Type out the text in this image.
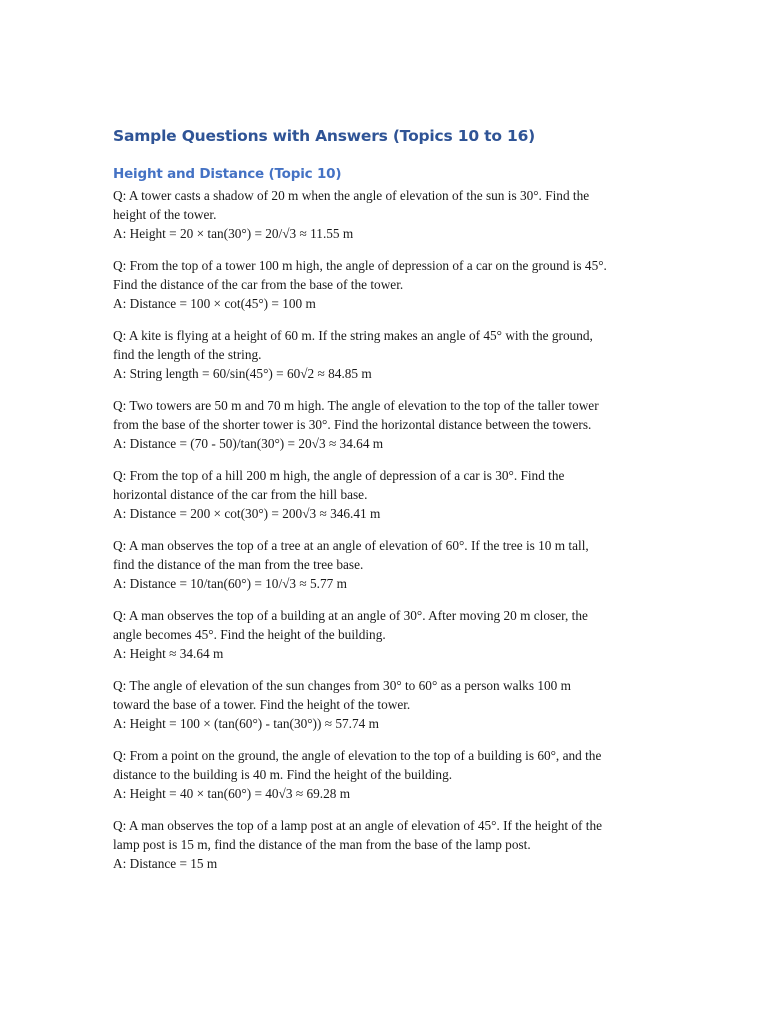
Sample Questions with Answers (Topics 10 to 16)
Height and Distance (Topic 10)
Q: A tower casts a shadow of 20 m when the angle of elevation of the sun is 30°. Find the
height of the tower.
A: Height = 20 × tan(30°) = 20/√3 ≈ 11.55 m
Q: From the top of a tower 100 m high, the angle of depression of a car on the ground is 45°.
Find the distance of the car from the base of the tower.
A: Distance = 100 × cot(45°) = 100 m
Q: A kite is flying at a height of 60 m. If the string makes an angle of 45° with the ground,
find the length of the string.
A: String length = 60/sin(45°) = 60√2 ≈ 84.85 m
Q: Two towers are 50 m and 70 m high. The angle of elevation to the top of the taller tower
from the base of the shorter tower is 30°. Find the horizontal distance between the towers.
A: Distance = (70 - 50)/tan(30°) = 20√3 ≈ 34.64 m
Q: From the top of a hill 200 m high, the angle of depression of a car is 30°. Find the
horizontal distance of the car from the hill base.
A: Distance = 200 × cot(30°) = 200√3 ≈ 346.41 m
Q: A man observes the top of a tree at an angle of elevation of 60°. If the tree is 10 m tall,
find the distance of the man from the tree base.
A: Distance = 10/tan(60°) = 10/√3 ≈ 5.77 m
Q: A man observes the top of a building at an angle of 30°. After moving 20 m closer, the
angle becomes 45°. Find the height of the building.
A: Height ≈ 34.64 m
Q: The angle of elevation of the sun changes from 30° to 60° as a person walks 100 m
toward the base of a tower. Find the height of the tower.
A: Height = 100 × (tan(60°) - tan(30°)) ≈ 57.74 m
Q: From a point on the ground, the angle of elevation to the top of a building is 60°, and the
distance to the building is 40 m. Find the height of the building.
A: Height = 40 × tan(60°) = 40√3 ≈ 69.28 m
Q: A man observes the top of a lamp post at an angle of elevation of 45°. If the height of the
lamp post is 15 m, find the distance of the man from the base of the lamp post.
A: Distance = 15 m
